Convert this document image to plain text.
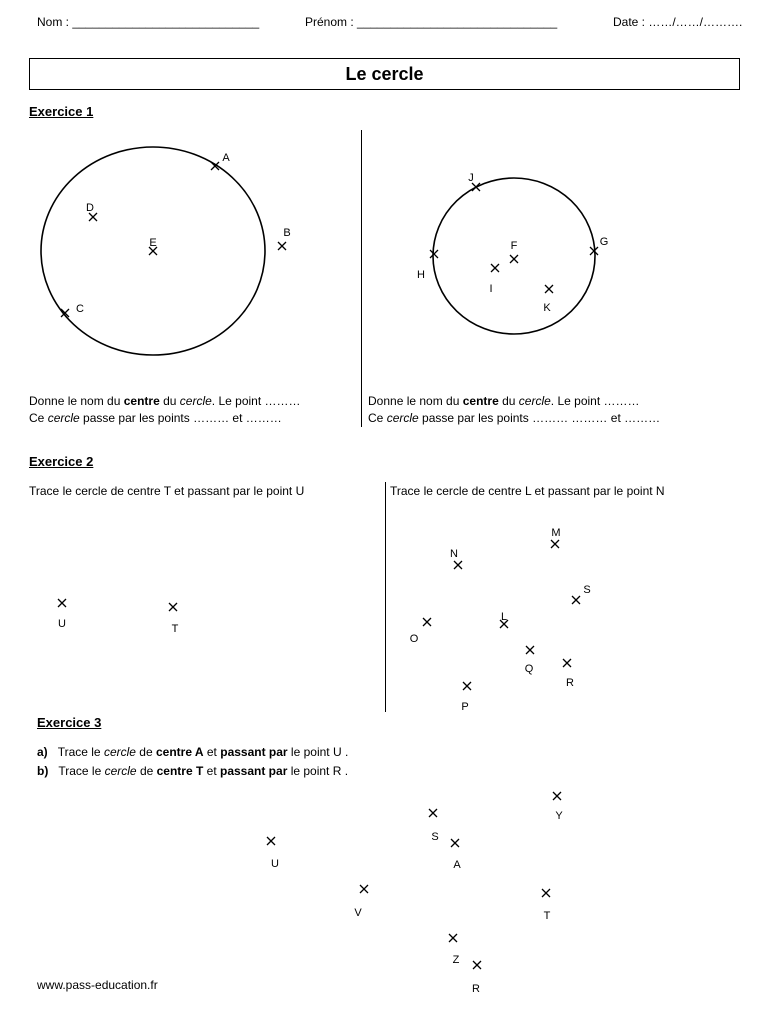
Nom : ____________________________	Prénom : ______________________________	Date : ……/……/……….
Le cercle
Exercice 1
Donne le nom du centre du cercle. Le point ………
Ce cercle passe par les points ……… et ………
Donne le nom du centre du cercle. Le point ………
Ce cercle passe par les points ……… ……… et ………
Exercice 2
Trace le cercle de centre T et passant par le point U	Trace le cercle de centre L et passant par le point N
Exercice 3
a) Trace le cercle de centre A et passant par le point U .
b) Trace le cercle de centre T et passant par le point R .
www.pass-education.fr
A
B
C
D
E	F	G
H
I
J
K
U	T
M
N
S
L
O
Q
R
P
Y
S
A
U
V	T
Z
R
